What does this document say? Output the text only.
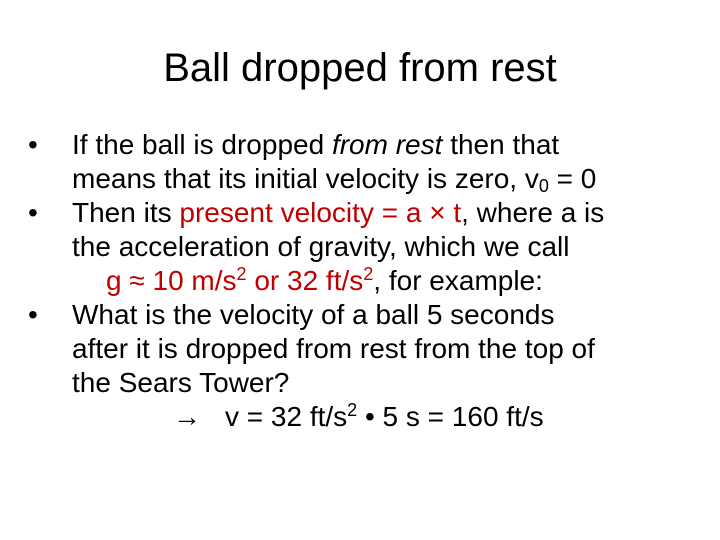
Ball dropped from rest
• If the ball is dropped from rest then that
means that its initial velocity is zero, $v_0 = 0$
• Then its present velocity = a × t, where a is
the acceleration of gravity, which we call
g ≈ 10 $m/s^2$ or 32 $ft/s^2$, for example:
• What is the velocity of a ball 5 seconds
after it is dropped from rest from the top of
the Sears Tower?
→ v = 32 $ft/s^2$ • 5 s = 160 ft/s
